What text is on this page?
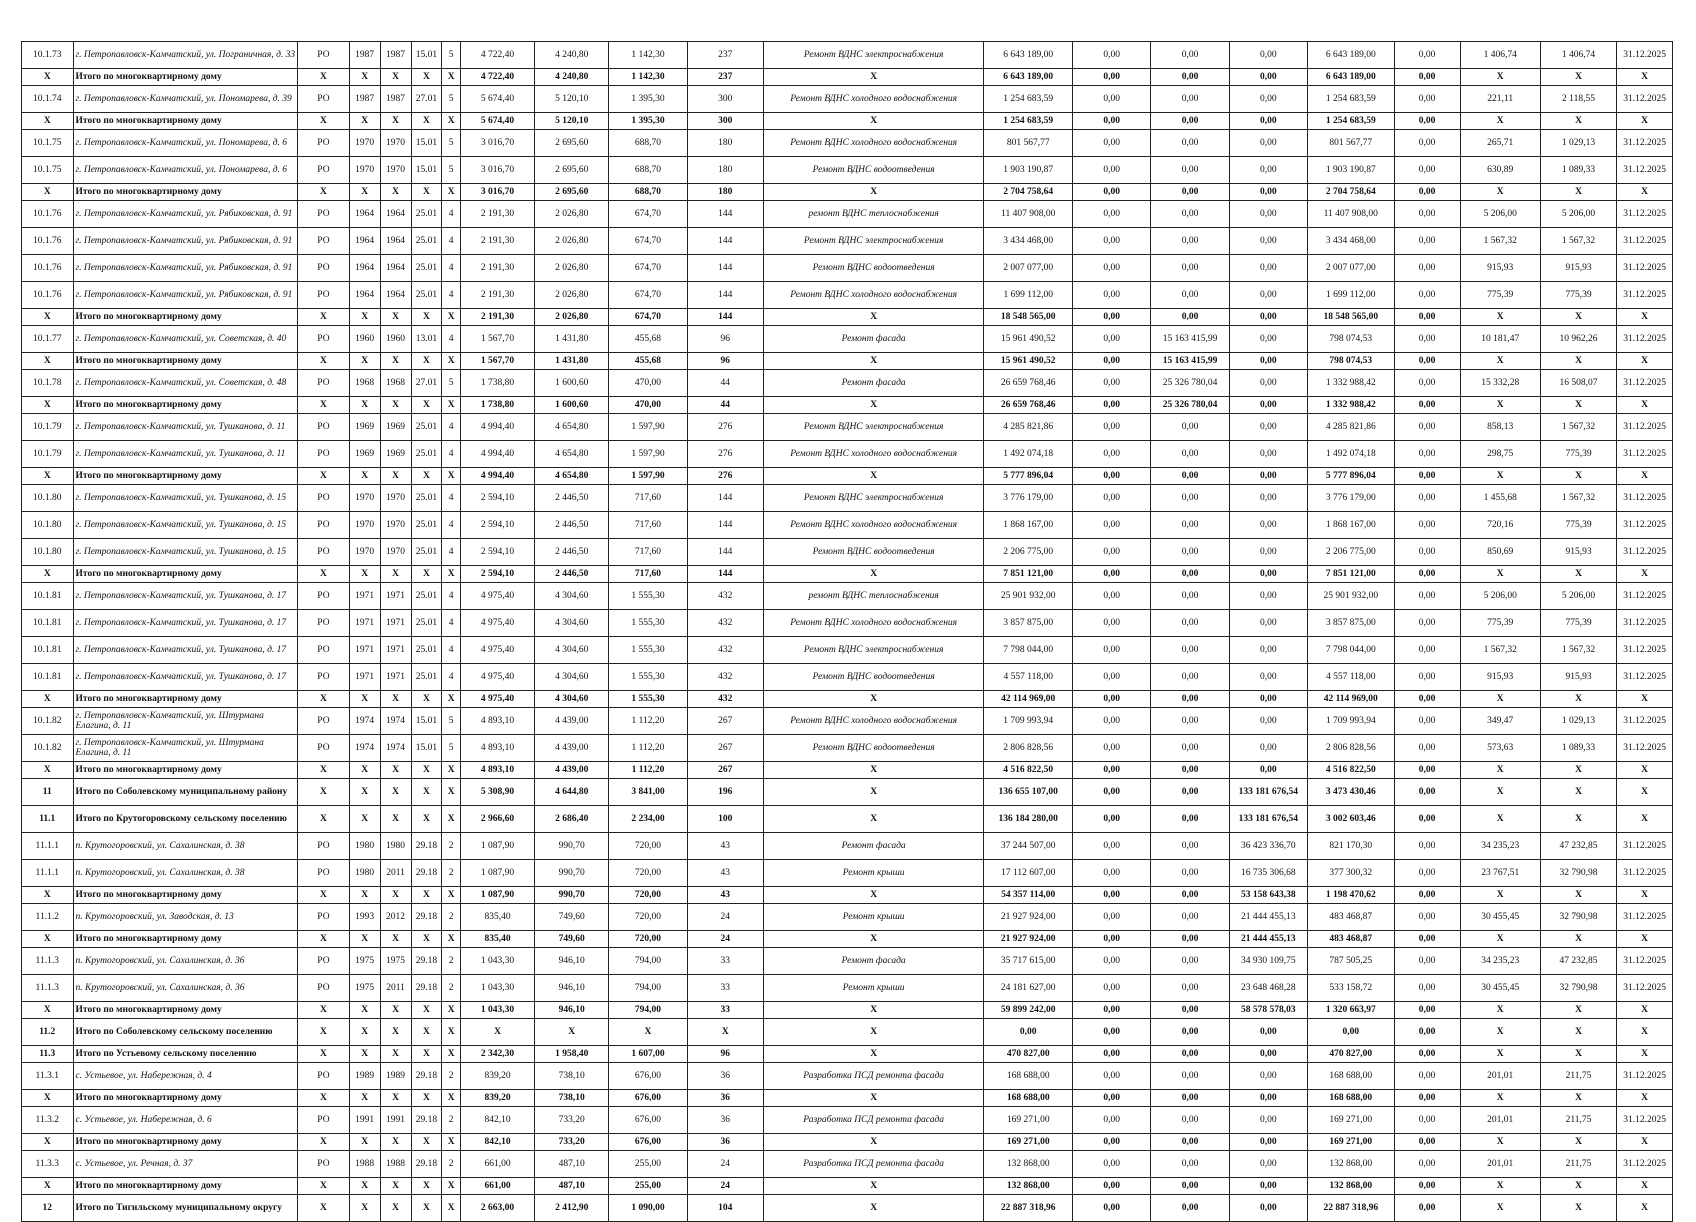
10.1.73	г. Петропавловск-Камчатский, ул. Пограничная, д. 33	РО	1987	1987	15.01	5	4 722,40	4 240,80	1 142,30	237	Ремонт ВДНС электроснабжения	6 643 189,00	0,00	0,00	0,00	6 643 189,00	0,00	1 406,74	1 406,74	31.12.2025
X	Итого по многоквартирному дому	X	X	X	X	X	4 722,40	4 240,80	1 142,30	237	X	6 643 189,00	0,00	0,00	0,00	6 643 189,00	0,00	X	X	X
10.1.74	г. Петропавловск-Камчатский, ул. Пономарева, д. 39	РО	1987	1987	27.01	5	5 674,40	5 120,10	1 395,30	300	Ремонт ВДНС холодного водоснабжения	1 254 683,59	0,00	0,00	0,00	1 254 683,59	0,00	221,11	2 118,55	31.12.2025
X	Итого по многоквартирному дому	X	X	X	X	X	5 674,40	5 120,10	1 395,30	300	X	1 254 683,59	0,00	0,00	0,00	1 254 683,59	0,00	X	X	X
10.1.75	г. Петропавловск-Камчатский, ул. Пономарева, д. 6	РО	1970	1970	15.01	5	3 016,70	2 695,60	688,70	180	Ремонт ВДНС холодного водоснабжения	801 567,77	0,00	0,00	0,00	801 567,77	0,00	265,71	1 029,13	31.12.2025
10.1.75	г. Петропавловск-Камчатский, ул. Пономарева, д. 6	РО	1970	1970	15.01	5	3 016,70	2 695,60	688,70	180	Ремонт ВДНС водоотведения	1 903 190,87	0,00	0,00	0,00	1 903 190,87	0,00	630,89	1 089,33	31.12.2025
X	Итого по многоквартирному дому	X	X	X	X	X	3 016,70	2 695,60	688,70	180	X	2 704 758,64	0,00	0,00	0,00	2 704 758,64	0,00	X	X	X
10.1.76	г. Петропавловск-Камчатский, ул. Рябиковская, д. 91	РО	1964	1964	25.01	4	2 191,30	2 026,80	674,70	144	ремонт ВДНС теплоснабжения	11 407 908,00	0,00	0,00	0,00	11 407 908,00	0,00	5 206,00	5 206,00	31.12.2025
10.1.76	г. Петропавловск-Камчатский, ул. Рябиковская, д. 91	РО	1964	1964	25.01	4	2 191,30	2 026,80	674,70	144	Ремонт ВДНС электроснабжения	3 434 468,00	0,00	0,00	0,00	3 434 468,00	0,00	1 567,32	1 567,32	31.12.2025
10.1.76	г. Петропавловск-Камчатский, ул. Рябиковская, д. 91	РО	1964	1964	25.01	4	2 191,30	2 026,80	674,70	144	Ремонт ВДНС водоотведения	2 007 077,00	0,00	0,00	0,00	2 007 077,00	0,00	915,93	915,93	31.12.2025
10.1.76	г. Петропавловск-Камчатский, ул. Рябиковская, д. 91	РО	1964	1964	25.01	4	2 191,30	2 026,80	674,70	144	Ремонт ВДНС холодного водоснабжения	1 699 112,00	0,00	0,00	0,00	1 699 112,00	0,00	775,39	775,39	31.12.2025
X	Итого по многоквартирному дому	X	X	X	X	X	2 191,30	2 026,80	674,70	144	X	18 548 565,00	0,00	0,00	0,00	18 548 565,00	0,00	X	X	X
10.1.77	г. Петропавловск-Камчатский, ул. Советская, д. 40	РО	1960	1960	13.01	4	1 567,70	1 431,80	455,68	96	Ремонт фасада	15 961 490,52	0,00	15 163 415,99	0,00	798 074,53	0,00	10 181,47	10 962,26	31.12.2025
X	Итого по многоквартирному дому	X	X	X	X	X	1 567,70	1 431,80	455,68	96	X	15 961 490,52	0,00	15 163 415,99	0,00	798 074,53	0,00	X	X	X
10.1.78	г. Петропавловск-Камчатский, ул. Советская, д. 48	РО	1968	1968	27.01	5	1 738,80	1 600,60	470,00	44	Ремонт фасада	26 659 768,46	0,00	25 326 780,04	0,00	1 332 988,42	0,00	15 332,28	16 508,07	31.12.2025
X	Итого по многоквартирному дому	X	X	X	X	X	1 738,80	1 600,60	470,00	44	X	26 659 768,46	0,00	25 326 780,04	0,00	1 332 988,42	0,00	X	X	X
10.1.79	г. Петропавловск-Камчатский, ул. Тушканова, д. 11	РО	1969	1969	25.01	4	4 994,40	4 654,80	1 597,90	276	Ремонт ВДНС электроснабжения	4 285 821,86	0,00	0,00	0,00	4 285 821,86	0,00	858,13	1 567,32	31.12.2025
10.1.79	г. Петропавловск-Камчатский, ул. Тушканова, д. 11	РО	1969	1969	25.01	4	4 994,40	4 654,80	1 597,90	276	Ремонт ВДНС холодного водоснабжения	1 492 074,18	0,00	0,00	0,00	1 492 074,18	0,00	298,75	775,39	31.12.2025
X	Итого по многоквартирному дому	X	X	X	X	X	4 994,40	4 654,80	1 597,90	276	X	5 777 896,04	0,00	0,00	0,00	5 777 896,04	0,00	X	X	X
10.1.80	г. Петропавловск-Камчатский, ул. Тушканова, д. 15	РО	1970	1970	25.01	4	2 594,10	2 446,50	717,60	144	Ремонт ВДНС электроснабжения	3 776 179,00	0,00	0,00	0,00	3 776 179,00	0,00	1 455,68	1 567,32	31.12.2025
10.1.80	г. Петропавловск-Камчатский, ул. Тушканова, д. 15	РО	1970	1970	25.01	4	2 594,10	2 446,50	717,60	144	Ремонт ВДНС холодного водоснабжения	1 868 167,00	0,00	0,00	0,00	1 868 167,00	0,00	720,16	775,39	31.12.2025
10.1.80	г. Петропавловск-Камчатский, ул. Тушканова, д. 15	РО	1970	1970	25.01	4	2 594,10	2 446,50	717,60	144	Ремонт ВДНС водоотведения	2 206 775,00	0,00	0,00	0,00	2 206 775,00	0,00	850,69	915,93	31.12.2025
X	Итого по многоквартирному дому	X	X	X	X	X	2 594,10	2 446,50	717,60	144	X	7 851 121,00	0,00	0,00	0,00	7 851 121,00	0,00	X	X	X
10.1.81	г. Петропавловск-Камчатский, ул. Тушканова, д. 17	РО	1971	1971	25.01	4	4 975,40	4 304,60	1 555,30	432	ремонт ВДНС теплоснабжения	25 901 932,00	0,00	0,00	0,00	25 901 932,00	0,00	5 206,00	5 206,00	31.12.2025
10.1.81	г. Петропавловск-Камчатский, ул. Тушканова, д. 17	РО	1971	1971	25.01	4	4 975,40	4 304,60	1 555,30	432	Ремонт ВДНС холодного водоснабжения	3 857 875,00	0,00	0,00	0,00	3 857 875,00	0,00	775,39	775,39	31.12.2025
10.1.81	г. Петропавловск-Камчатский, ул. Тушканова, д. 17	РО	1971	1971	25.01	4	4 975,40	4 304,60	1 555,30	432	Ремонт ВДНС электроснабжения	7 798 044,00	0,00	0,00	0,00	7 798 044,00	0,00	1 567,32	1 567,32	31.12.2025
10.1.81	г. Петропавловск-Камчатский, ул. Тушканова, д. 17	РО	1971	1971	25.01	4	4 975,40	4 304,60	1 555,30	432	Ремонт ВДНС водоотведения	4 557 118,00	0,00	0,00	0,00	4 557 118,00	0,00	915,93	915,93	31.12.2025
X	Итого по многоквартирному дому	X	X	X	X	X	4 975,40	4 304,60	1 555,30	432	X	42 114 969,00	0,00	0,00	0,00	42 114 969,00	0,00	X	X	X
10.1.82	г. Петропавловск-Камчатский, ул. Штурмана Елагина, д. 11	РО	1974	1974	15.01	5	4 893,10	4 439,00	1 112,20	267	Ремонт ВДНС холодного водоснабжения	1 709 993,94	0,00	0,00	0,00	1 709 993,94	0,00	349,47	1 029,13	31.12.2025
10.1.82	г. Петропавловск-Камчатский, ул. Штурмана Елагина, д. 11	РО	1974	1974	15.01	5	4 893,10	4 439,00	1 112,20	267	Ремонт ВДНС водоотведения	2 806 828,56	0,00	0,00	0,00	2 806 828,56	0,00	573,63	1 089,33	31.12.2025
X	Итого по многоквартирному дому	X	X	X	X	X	4 893,10	4 439,00	1 112,20	267	X	4 516 822,50	0,00	0,00	0,00	4 516 822,50	0,00	X	X	X
11	Итого по Соболевскому муниципальному району	X	X	X	X	X	5 308,90	4 644,80	3 841,00	196	X	136 655 107,00	0,00	0,00	133 181 676,54	3 473 430,46	0,00	X	X	X
11.1	Итого по Крутогоровскому сельскому поселению	X	X	X	X	X	2 966,60	2 686,40	2 234,00	100	X	136 184 280,00	0,00	0,00	133 181 676,54	3 002 603,46	0,00	X	X	X
11.1.1	п. Крутогоровский, ул. Сахалинская, д. 38	РО	1980	1980	29.18	2	1 087,90	990,70	720,00	43	Ремонт фасада	37 244 507,00	0,00	0,00	36 423 336,70	821 170,30	0,00	34 235,23	47 232,85	31.12.2025
11.1.1	п. Крутогоровский, ул. Сахалинская, д. 38	РО	1980	2011	29.18	2	1 087,90	990,70	720,00	43	Ремонт крыши	17 112 607,00	0,00	0,00	16 735 306,68	377 300,32	0,00	23 767,51	32 790,98	31.12.2025
X	Итого по многоквартирному дому	X	X	X	X	X	1 087,90	990,70	720,00	43	X	54 357 114,00	0,00	0,00	53 158 643,38	1 198 470,62	0,00	X	X	X
11.1.2	п. Крутогоровский, ул. Заводская, д. 13	РО	1993	2012	29.18	2	835,40	749,60	720,00	24	Ремонт крыши	21 927 924,00	0,00	0,00	21 444 455,13	483 468,87	0,00	30 455,45	32 790,98	31.12.2025
X	Итого по многоквартирному дому	X	X	X	X	X	835,40	749,60	720,00	24	X	21 927 924,00	0,00	0,00	21 444 455,13	483 468,87	0,00	X	X	X
11.1.3	п. Крутогоровский, ул. Сахалинская, д. 36	РО	1975	1975	29.18	2	1 043,30	946,10	794,00	33	Ремонт фасада	35 717 615,00	0,00	0,00	34 930 109,75	787 505,25	0,00	34 235,23	47 232,85	31.12.2025
11.1.3	п. Крутогоровский, ул. Сахалинская, д. 36	РО	1975	2011	29.18	2	1 043,30	946,10	794,00	33	Ремонт крыши	24 181 627,00	0,00	0,00	23 648 468,28	533 158,72	0,00	30 455,45	32 790,98	31.12.2025
X	Итого по многоквартирному дому	X	X	X	X	X	1 043,30	946,10	794,00	33	X	59 899 242,00	0,00	0,00	58 578 578,03	1 320 663,97	0,00	X	X	X
11.2	Итого по Соболевскому сельскому поселению	X	X	X	X	X	X	X	X	X	X	0,00	0,00	0,00	0,00	0,00	0,00	X	X	X
11.3	Итого по Устьевому сельскому поселению	X	X	X	X	X	2 342,30	1 958,40	1 607,00	96	X	470 827,00	0,00	0,00	0,00	470 827,00	0,00	X	X	X
11.3.1	с. Устьевое, ул. Набережная, д. 4	РО	1989	1989	29.18	2	839,20	738,10	676,00	36	Разработка ПСД ремонта фасада	168 688,00	0,00	0,00	0,00	168 688,00	0,00	201,01	211,75	31.12.2025
X	Итого по многоквартирному дому	X	X	X	X	X	839,20	738,10	676,00	36	X	168 688,00	0,00	0,00	0,00	168 688,00	0,00	X	X	X
11.3.2	с. Устьевое, ул. Набережная, д. 6	РО	1991	1991	29.18	2	842,10	733,20	676,00	36	Разработка ПСД ремонта фасада	169 271,00	0,00	0,00	0,00	169 271,00	0,00	201,01	211,75	31.12.2025
X	Итого по многоквартирному дому	X	X	X	X	X	842,10	733,20	676,00	36	X	169 271,00	0,00	0,00	0,00	169 271,00	0,00	X	X	X
11.3.3	с. Устьевое, ул. Речная, д. 37	РО	1988	1988	29.18	2	661,00	487,10	255,00	24	Разработка ПСД ремонта фасада	132 868,00	0,00	0,00	0,00	132 868,00	0,00	201,01	211,75	31.12.2025
X	Итого по многоквартирному дому	X	X	X	X	X	661,00	487,10	255,00	24	X	132 868,00	0,00	0,00	0,00	132 868,00	0,00	X	X	X
12	Итого по Тигильскому муниципальному округу	X	X	X	X	X	2 663,00	2 412,90	1 090,00	104	X	22 887 318,96	0,00	0,00	0,00	22 887 318,96	0,00	X	X	X
